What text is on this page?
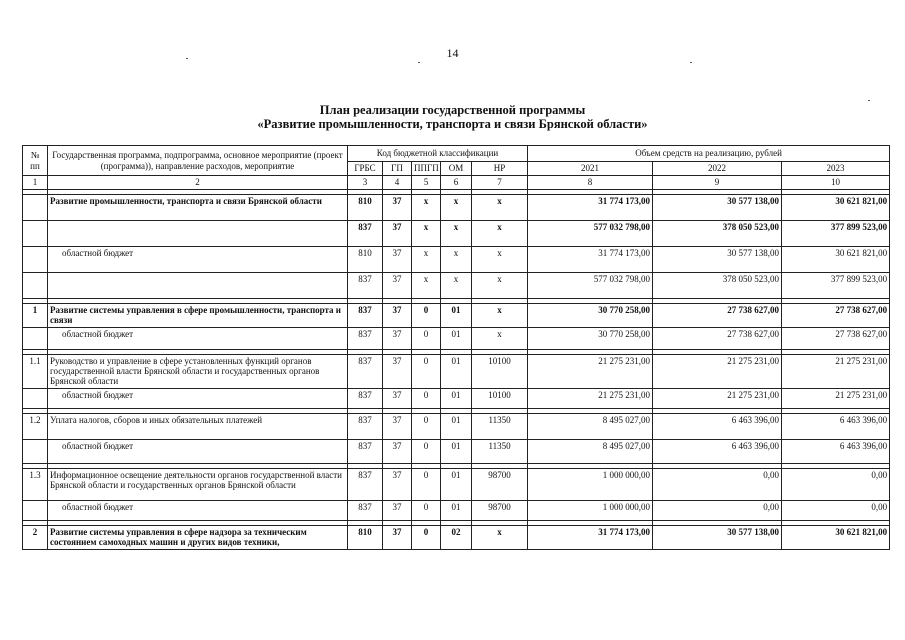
14
План реализации государственной программы
«Развитие промышленности, транспорта и связи Брянской области»
№ пп	Государственная программа, подпрограмма, основное мероприятие (проект (программа)), направление расходов, мероприятие	Код бюджетной классификации					Объем средств на реализацию, рублей		
		ГРБС	ГП	ППГП	ОМ	НР	2021	2022	2023
1	2	3	4	5	6	7	8	9	10

	Развитие промышленности, транспорта и связи Брянской области	810	37	х	х	х	31 774 173,00	30 577 138,00	30 621 821,00
		837	37	х	х	х	577 032 798,00	378 050 523,00	377 899 523,00
	областной бюджет	810	37	х	х	х	31 774 173,00	30 577 138,00	30 621 821,00
		837	37	х	х	х	577 032 798,00	378 050 523,00	377 899 523,00

1	Развитие системы управления в сфере промышленности, транспорта и связи	837	37	0	01	х	30 770 258,00	27 738 627,00	27 738 627,00
	областной бюджет	837	37	0	01	х	30 770 258,00	27 738 627,00	27 738 627,00

1.1	Руководство и управление в сфере установленных функций органов государственной власти Брянской области и государственных органов Брянской области	837	37	0	01	10100	21 275 231,00	21 275 231,00	21 275 231,00
	областной бюджет	837	37	0	01	10100	21 275 231,00	21 275 231,00	21 275 231,00

1.2	Уплата налогов, сборов и иных обязательных платежей	837	37	0	01	11350	8 495 027,00	6 463 396,00	6 463 396,00
	областной бюджет	837	37	0	01	11350	8 495 027,00	6 463 396,00	6 463 396,00

1.3	Информационное освещение деятельности органов государственной власти Брянской области и государственных органов Брянской области	837	37	0	01	98700	1 000 000,00	0,00	0,00
	областной бюджет	837	37	0	01	98700	1 000 000,00	0,00	0,00

2	Развитие системы управления в сфере надзора за техническим состоянием самоходных машин и других видов техники,	810	37	0	02	х	31 774 173,00	30 577 138,00	30 621 821,00
